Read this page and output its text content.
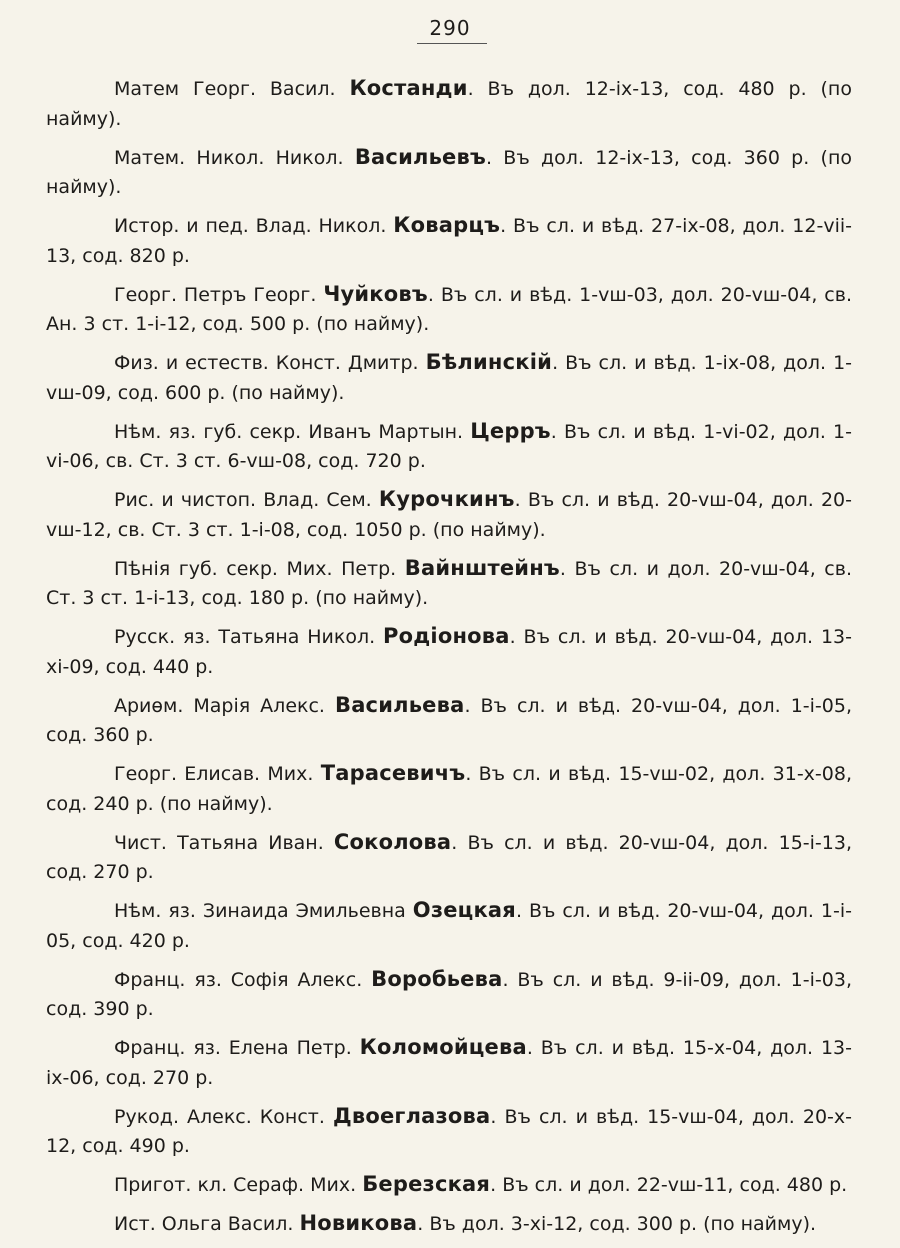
290

Матем Георг. Васил. Костанди. Въ дол. 12-ix-13, сод. 480 р. (по найму).

Матем. Никол. Никол. Васильевъ. Въ дол. 12-ix-13, сод. 360 р. (по найму).

Истор. и пед. Влад. Никол. Коварцъ. Въ сл. и вѣд. 27-ix-08, дол. 12-vii-13, сод. 820 р.

Георг. Петръ Георг. Чуйковъ. Въ сл. и вѣд. 1-vш-03, дол. 20-vш-04, св. Ан. 3 ст. 1-i-12, сод. 500 р. (по найму).

Физ. и естеств. Конст. Дмитр. Бѣлинскій. Въ сл. и вѣд. 1-ix-08, дол. 1-vш-09, сод. 600 р. (по найму).

Нѣм. яз. губ. секр. Иванъ Мартын. Церръ. Въ сл. и вѣд. 1-vi-02, дол. 1-vi-06, св. Ст. 3 ст. 6-vш-08, сод. 720 р.

Рис. и чистоп. Влад. Сем. Курочкинъ. Въ сл. и вѣд. 20-vш-04, дол. 20-vш-12, св. Ст. 3 ст. 1-i-08, сод. 1050 р. (по найму).

Пѣнія губ. секр. Мих. Петр. Вайнштейнъ. Въ сл. и дол. 20-vш-04, св. Ст. 3 ст. 1-i-13, сод. 180 р. (по найму).

Русск. яз. Татьяна Никол. Родіонова. Въ сл. и вѣд. 20-vш-04, дол. 13-xi-09, сод. 440 р.

Ариѳм. Марія Алекс. Васильева. Въ сл. и вѣд. 20-vш-04, дол. 1-i-05, сод. 360 р.

Георг. Елисав. Мих. Тарасевичъ. Въ сл. и вѣд. 15-vш-02, дол. 31-x-08, сод. 240 р. (по найму).

Чист. Татьяна Иван. Соколова. Въ сл. и вѣд. 20-vш-04, дол. 15-i-13, сод. 270 р.

Нѣм. яз. Зинаида Эмильевна Озецкая. Въ сл. и вѣд. 20-vш-04, дол. 1-i-05, сод. 420 р.

Франц. яз. Софія Алекс. Воробьева. Въ сл. и вѣд. 9-ii-09, дол. 1-i-03, сод. 390 р.

Франц. яз. Елена Петр. Коломойцева. Въ сл. и вѣд. 15-x-04, дол. 13-ix-06, сод. 270 р.

Рукод. Алекс. Конст. Двоеглазова. Въ сл. и вѣд. 15-vш-04, дол. 20-x-12, сод. 490 р.

Пригот. кл. Сераф. Мих. Березская. Въ сл. и дол. 22-vш-11, сод. 480 р.

Ист. Ольга Васил. Новикова. Въ дол. 3-xi-12, сод. 300 р. (по найму).
